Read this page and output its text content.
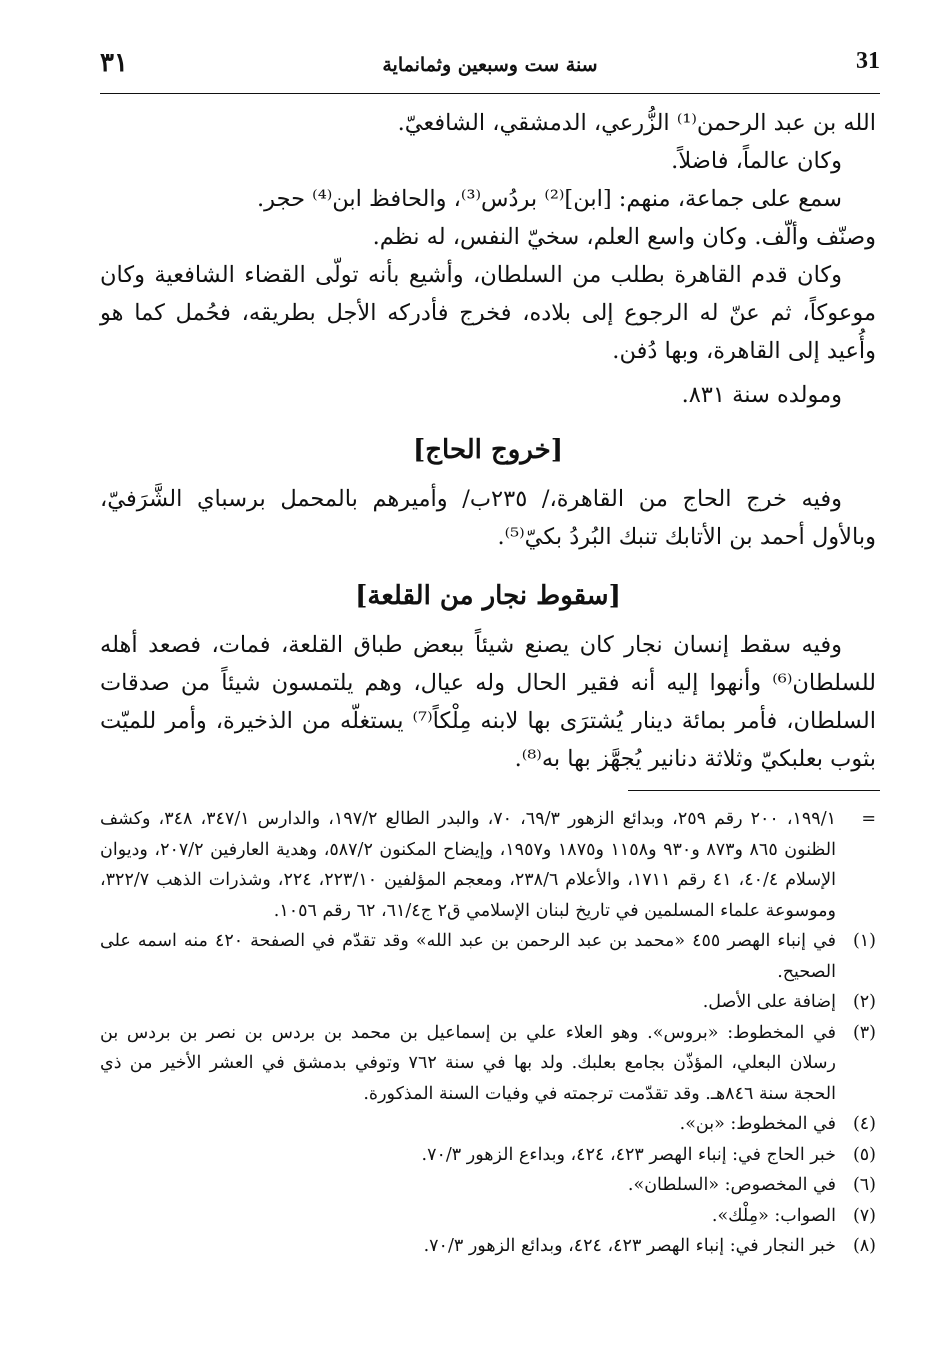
31
سنة ست وسبعين وثمانماية
٣١

الله بن عبد الرحمن⁽¹⁾ الزُّرعي، الدمشقي، الشافعيّ.

وكان عالماً، فاضلاً.

سمع على جماعة، منهم: [ابن]⁽²⁾ بردُس⁽³⁾، والحافظ ابن⁽⁴⁾ حجر.

وصنّف وألّف. وكان واسع العلم، سخيّ النفس، له نظم.

وكان قدم القاهرة بطلب من السلطان، وأشيع بأنه تولّى القضاء الشافعية وكان موعوكاً، ثم عنّ له الرجوع إلى بلاده، فخرج فأدركه الأجل بطريقه، فحُمل كما هو وأُعيد إلى القاهرة، وبها دُفن.

ومولده سنة ٨٣١.

[خروج الحاج]

وفيه خرج الحاج من القاهرة،/ ٢٣٥ب/ وأميرهم بالمحمل برسباي الشَّرَفيّ، وبالأول أحمد بن الأتابك تنبك البُردُ بكيّ⁽⁵⁾.

[سقوط نجار من القلعة]

وفيه سقط إنسان نجار كان يصنع شيئاً ببعض طباق القلعة، فمات، فصعد أهله للسلطان⁽⁶⁾ وأنهوا إليه أنه فقير الحال وله عيال، وهم يلتمسون شيئاً من صدقات السلطان، فأمر بمائة دينار يُشترَى بها لابنه مِلْكاً⁽⁷⁾ يستغلّه من الذخيرة، وأمر للميّت بثوب بعلبكيّ وثلاثة دنانير يُجهَّز بها به⁽⁸⁾.

=
١٩٩/١، ٢٠٠ رقم ٢٥٩، وبدائع الزهور ٦٩/٣، ٧٠، والبدر الطالع ١٩٧/٢، والدارس ٣٤٧/١، ٣٤٨، وكشف الظنون ٨٦٥ و٨٧٣ و٩٣٠ و١١٥٨ و١٨٧٥ و١٩٥٧، وإيضاح المكنون ٥٨٧/٢، وهدية العارفين ٢٠٧/٢، وديوان الإسلام ٤٠/٤، ٤١ رقم ١٧١١، والأعلام ٢٣٨/٦، ومعجم المؤلفين ٢٢٣/١٠، ٢٢٤، وشذرات الذهب ٣٢٢/٧، وموسوعة علماء المسلمين في تاريخ لبنان الإسلامي ق٢ ج٦١/٤، ٦٢ رقم ١٠٥٦.
(١)
في إنباء الهصر ٤٥٥ «محمد بن عبد الرحمن بن عبد الله» وقد تقدّم في الصفحة ٤٢٠ منه اسمه على الصحيح.
(٢)
إضافة على الأصل.
(٣)
في المخطوط: «بروس». وهو العلاء علي بن إسماعيل بن محمد بن بردس بن نصر بن بردس بن رسلان البعلي، المؤذّن بجامع بعلبك. ولد بها في سنة ٧٦٢ وتوفي بدمشق في العشر الأخير من ذي الحجة سنة ٨٤٦هـ. وقد تقدّمت ترجمته في وفيات السنة المذكورة.
(٤)
في المخطوط: «بن».
(٥)
خبر الحاج في: إنباء الهصر ٤٢٣، ٤٢٤، وبداءع الزهور ٧٠/٣.
(٦)
في المخصوص: «السلطان».
(٧)
الصواب: «مِلْك».
(٨)
خبر النجار في: إنباء الهصر ٤٢٣، ٤٢٤، وبدائع الزهور ٧٠/٣.
